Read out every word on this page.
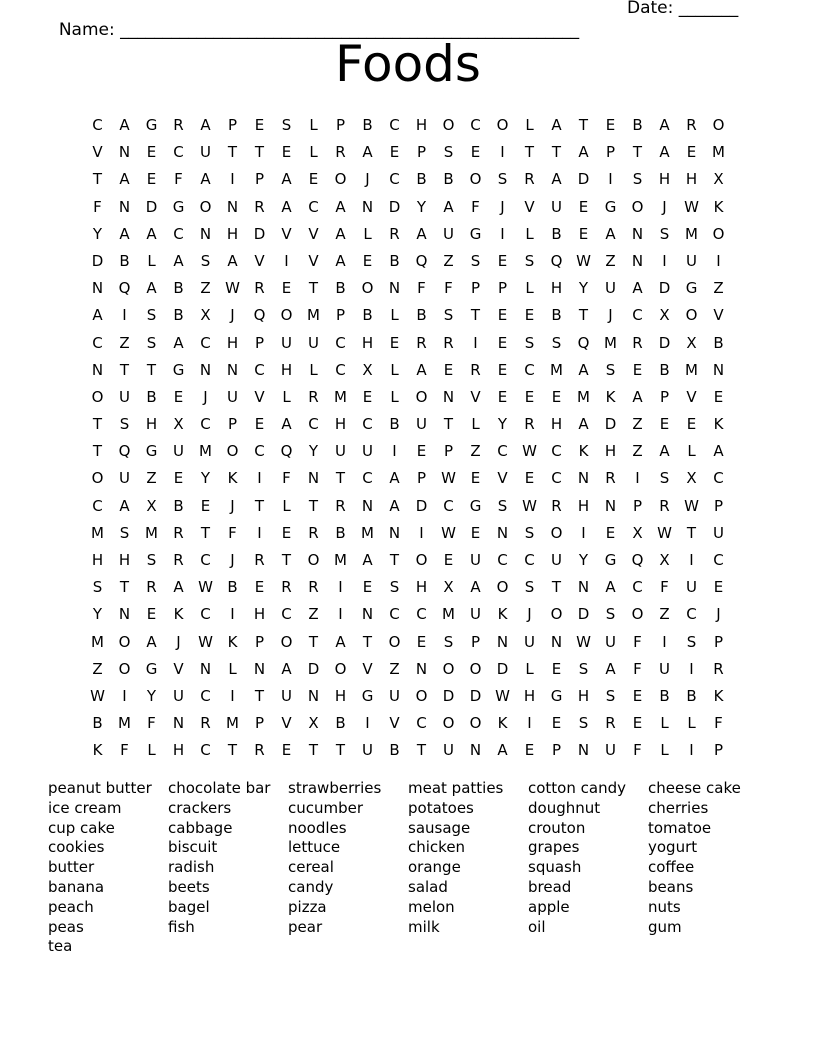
Name: ______________________________________________________

Date: _______

Foods
C	A	G	R	A	P	E	S	L	P	B	C	H	O	C	O	L	A	T	E	B	A	R	O
V	N	E	C	U	T	T	E	L	R	A	E	P	S	E	I	T	T	A	P	T	A	E	M
T	A	E	F	A	I	P	A	E	O	J	C	B	B	O	S	R	A	D	I	S	H	H	X
F	N	D	G	O	N	R	A	C	A	N	D	Y	A	F	J	V	U	E	G	O	J	W K
Y	A	A	C	N	H	D	V	V	A	L	R	A	U	G	I	L	B	E	A	N	S	M O
D	B	L	A	S	A	V	I	V	A	E	B	Q	Z	S	E	S	Q W Z	N	I	U	I
N	Q	A	B	Z W R	E	T	B	O	N	F	F	P	P	L	H	Y	U	A	D	G	Z
A	I	S	B	X	J	Q	O M	P	B	L	B	S	T	E	E	B	T	J	C	X	O	V
C	Z	S	A	C	H	P	U	U	C	H	E	R	R	I	E	S	S	Q M	R	D	X	B
N	T	T	G	N	N	C	H	L	C	X	L	A	E	R	E	C	M	A	S	E	B	M N
O	U	B	E	J	U	V	L	R	M	E	L	O	N	V	E	E	E	M	K	A	P	V	E
T	S	H	X	C	P	E	A	C	H	C	B	U	T	L	Y	R	H	A	D	Z	E	E	K
T	Q	G	U	M O	C	Q	Y	U	U	I	E	P	Z	C W C	K	H	Z	A	L	A
O	U	Z	E	Y	K	I	F	N	T	C	A	P	W E	V	E	C	N	R	I	S	X	C
C	A	X	B	E	J	T	L	T	R	N	A	D	C	G	S W R	H	N	P	R W	P
M	S	M	R	T	F	I	E	R	B	M N	I	W E	N	S	O	I	E	X W T	U
H	H	S	R	C	J	R	T	O M	A	T	O	E	U	C	C	U	Y	G	Q	X	I	C
S	T	R	A W B	E	R	R	I	E	S	H	X	A	O	S	T	N	A	C	F	U	E
Y	N	E	K	C	I	H	C	Z	I	N	C	C	M	U	K	J	O	D	S	O	Z	C	J
M O	A	J	W K	P	O	T	A	T	O	E	S	P	N	U	N W U	F	I	S	P
Z	O	G	V	N	L	N	A	D	O	V	Z	N	O	O	D	L	E	S	A	F	U	I	R
W	I	Y	U	C	I	T	U	N	H	G	U	O	D	D W H	G	H	S	E	B	B	K
B	M	F	N	R	M	P	V	X	B	I	V	C	O	O	K	I	E	S	R	E	L	L	F
K	F	L	H	C	T	R	E	T	T	U	B	T	U	N	A	E	P	N	U	F	L	I	P
peanut butter
ice cream
cup cake
cookies
butter
banana
peach
peas
tea
chocolate bar
crackers
cabbage
biscuit
radish
beets
bagel
fish
strawberries
cucumber
noodles
lettuce
cereal
candy
pizza
pear
meat patties
potatoes
sausage
chicken
orange
salad
melon
milk
cotton candy
doughnut
crouton
grapes
squash
bread
apple
oil
cheese cake
cherries
tomatoe
yogurt
coffee
beans
nuts
gum
